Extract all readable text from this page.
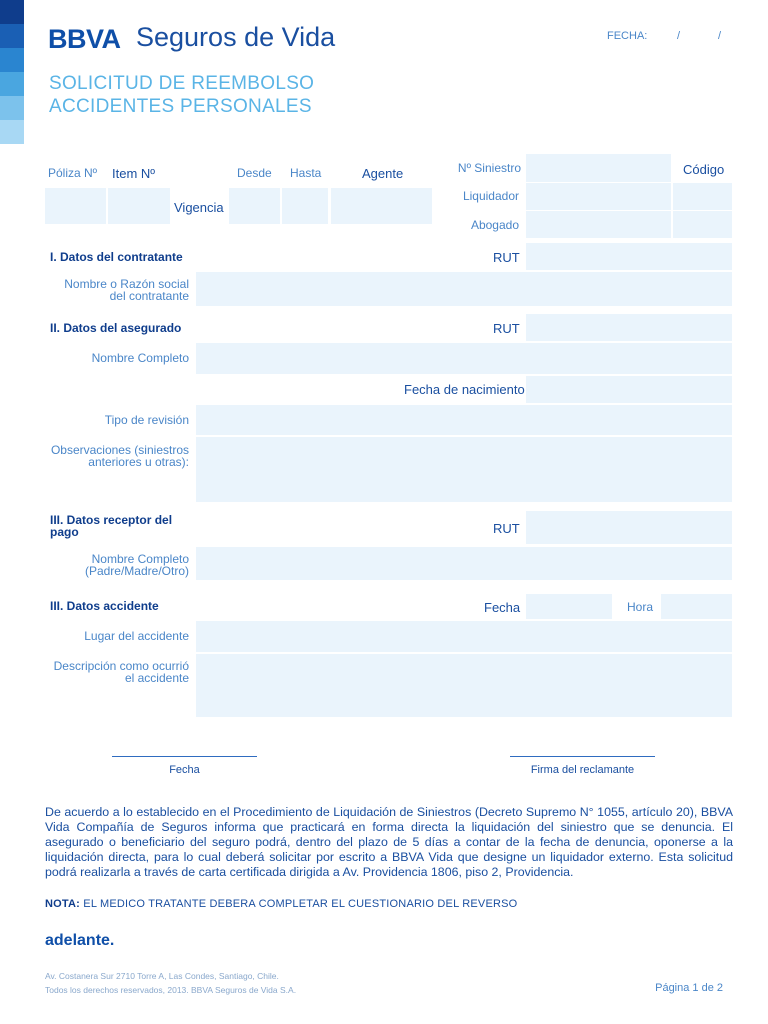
BBVA Seguros de Vida
SOLICITUD DE REEMBOLSO
ACCIDENTES PERSONALES
FECHA:	/	/
Póliza Nº Item Nº	Desde Hasta	Agente
Vigencia
Nº Siniestro	Código
Liquidador
Abogado
I. Datos del contratante	RUT
Nombre o Razón social
del contratante
II. Datos del asegurado	RUT
Nombre Completo
Fecha de nacimiento
Tipo de revisión
Observaciones (siniestros
anteriores u otras):
III. Datos receptor del
pago	RUT
Nombre Completo
(Padre/Madre/Otro)
III. Datos accidente	Fecha	Hora
Lugar del accidente
Descripción como ocurrió
el accidente
Fecha	Firma del reclamante
De acuerdo a lo establecido en el Procedimiento de Liquidación de Siniestros (Decreto Supremo N° 1055, artículo 20), BBVA Vida Compañía de Seguros informa que practicará en forma directa la liquidación del siniestro que se denuncia. El asegurado o beneficiario del seguro podrá, dentro del plazo de 5 días a contar de la fecha de denuncia, oponerse a la liquidación directa, para lo cual deberá solicitar por escrito a BBVA Vida que designe un liquidador externo. Esta solicitud podrá realizarla a través de carta certificada dirigida a Av. Providencia 1806, piso 2, Providencia.
NOTA: EL MEDICO TRATANTE DEBERA COMPLETAR EL CUESTIONARIO DEL REVERSO
adelante.
Av. Costanera Sur 2710 Torre A, Las Condes, Santiago, Chile.
Todos los derechos reservados, 2013. BBVA Seguros de Vida S.A.	Página 1 de 2
